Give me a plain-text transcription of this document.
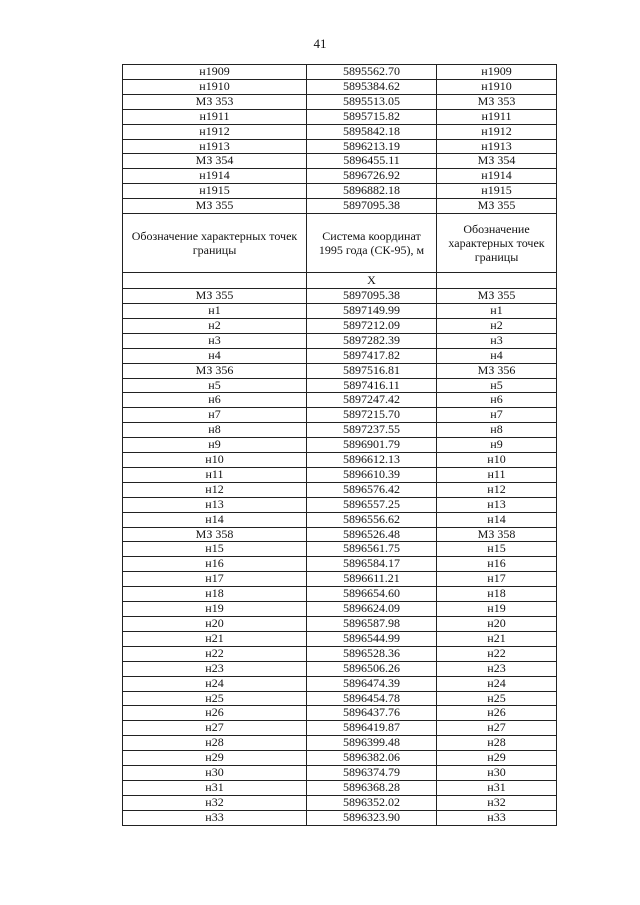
41
н1909	5895562.70	н1909
н1910	5895384.62	н1910
МЗ 353	5895513.05	МЗ 353
н1911	5895715.82	н1911
н1912	5895842.18	н1912
н1913	5896213.19	н1913
МЗ 354	5896455.11	МЗ 354
н1914	5896726.92	н1914
н1915	5896882.18	н1915
МЗ 355	5897095.38	МЗ 355
Обозначение характерных точек границы	Система координат 1995 года (СК-95), м	Обозначение характерных точек границы
	X	
МЗ 355	5897095.38	МЗ 355
н1	5897149.99	н1
н2	5897212.09	н2
н3	5897282.39	н3
н4	5897417.82	н4
МЗ 356	5897516.81	МЗ 356
н5	5897416.11	н5
н6	5897247.42	н6
н7	5897215.70	н7
н8	5897237.55	н8
н9	5896901.79	н9
н10	5896612.13	н10
н11	5896610.39	н11
н12	5896576.42	н12
н13	5896557.25	н13
н14	5896556.62	н14
МЗ 358	5896526.48	МЗ 358
н15	5896561.75	н15
н16	5896584.17	н16
н17	5896611.21	н17
н18	5896654.60	н18
н19	5896624.09	н19
н20	5896587.98	н20
н21	5896544.99	н21
н22	5896528.36	н22
н23	5896506.26	н23
н24	5896474.39	н24
н25	5896454.78	н25
н26	5896437.76	н26
н27	5896419.87	н27
н28	5896399.48	н28
н29	5896382.06	н29
н30	5896374.79	н30
н31	5896368.28	н31
н32	5896352.02	н32
н33	5896323.90	н33
